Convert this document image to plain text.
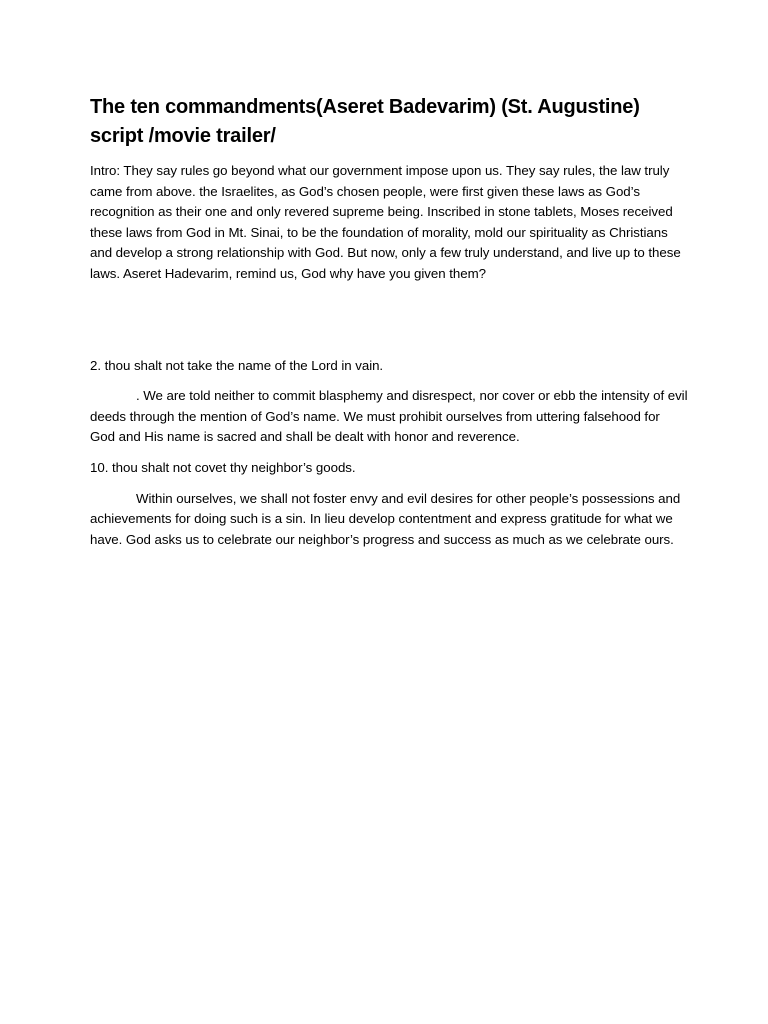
The ten commandments(Aseret Badevarim) (St. Augustine)
script /movie trailer/

Intro: They say rules go beyond what our government impose upon us. They say rules, the law truly came from above. the Israelites, as God’s chosen people, were first given these laws as God’s recognition as their one and only revered supreme being. Inscribed in stone tablets, Moses received these laws from God in Mt. Sinai, to be the foundation of morality, mold our spirituality as Christians and develop a strong relationship with God. But now, only a few truly understand, and live up to these laws. Aseret Hadevarim, remind us, God why have you given them?

2. thou shalt not take the name of the Lord in vain.

. We are told neither to commit blasphemy and disrespect, nor cover or ebb the intensity of evil deeds through the mention of God’s name. We must prohibit ourselves from uttering falsehood for God and His name is sacred and shall be dealt with honor and reverence.

10. thou shalt not covet thy neighbor’s goods.

Within ourselves, we shall not foster envy and evil desires for other people’s possessions and achievements for doing such is a sin. In lieu develop contentment and express gratitude for what we have. God asks us to celebrate our neighbor’s progress and success as much as we celebrate ours.
